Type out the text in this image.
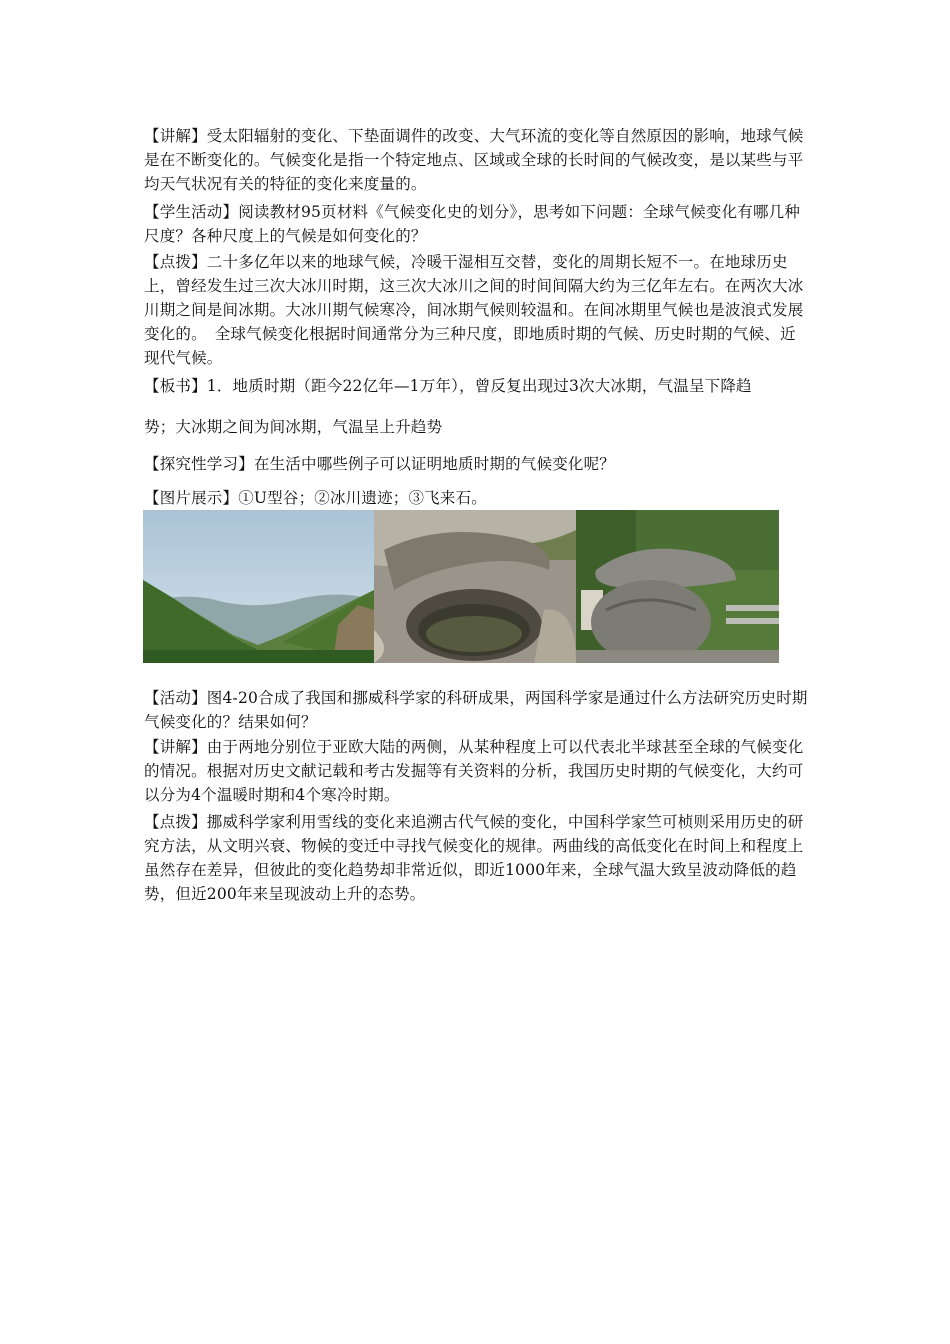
【讲解】受太阳辐射的变化、下垫面调件的改变、大气环流的变化等自然原因的影响，地球气候是在不断变化的。气候变化是指一个特定地点、区域或全球的长时间的气候改变，是以某些与平均天气状况有关的特征的变化来度量的。

【学生活动】阅读教材95页材料《气候变化史的划分》，思考如下问题：全球气候变化有哪几种尺度？各种尺度上的气候是如何变化的？

【点拨】二十多亿年以来的地球气候，冷暖干湿相互交替，变化的周期长短不一。在地球历史上，曾经发生过三次大冰川时期，这三次大冰川之间的时间间隔大约为三亿年左右。在两次大冰川期之间是间冰期。大冰川期气候寒冷，间冰期气候则较温和。在间冰期里气候也是波浪式发展变化的。　全球气候变化根据时间通常分为三种尺度，即地质时期的气候、历史时期的气候、近现代气候。

【板书】1．地质时期（距今22亿年—1万年），曾反复出现过3次大冰期，气温呈下降趋

势；大冰期之间为间冰期，气温呈上升趋势

【探究性学习】在生活中哪些例子可以证明地质时期的气候变化呢？

【图片展示】①U型谷；②冰川遗迹；③飞来石。

【活动】图4-20合成了我国和挪威科学家的科研成果，两国科学家是通过什么方法研究历史时期气候变化的？结果如何？

【讲解】由于两地分别位于亚欧大陆的两侧，从某种程度上可以代表北半球甚至全球的气候变化的情况。根据对历史文献记载和考古发掘等有关资料的分析，我国历史时期的气候变化，大约可以分为4个温暖时期和4个寒冷时期。

【点拨】挪威科学家利用雪线的变化来追溯古代气候的变化，中国科学家竺可桢则采用历史的研究方法，从文明兴衰、物候的变迁中寻找气候变化的规律。两曲线的高低变化在时间上和程度上虽然存在差异，但彼此的变化趋势却非常近似，即近1000年来，全球气温大致呈波动降低的趋势，但近200年来呈现波动上升的态势。
